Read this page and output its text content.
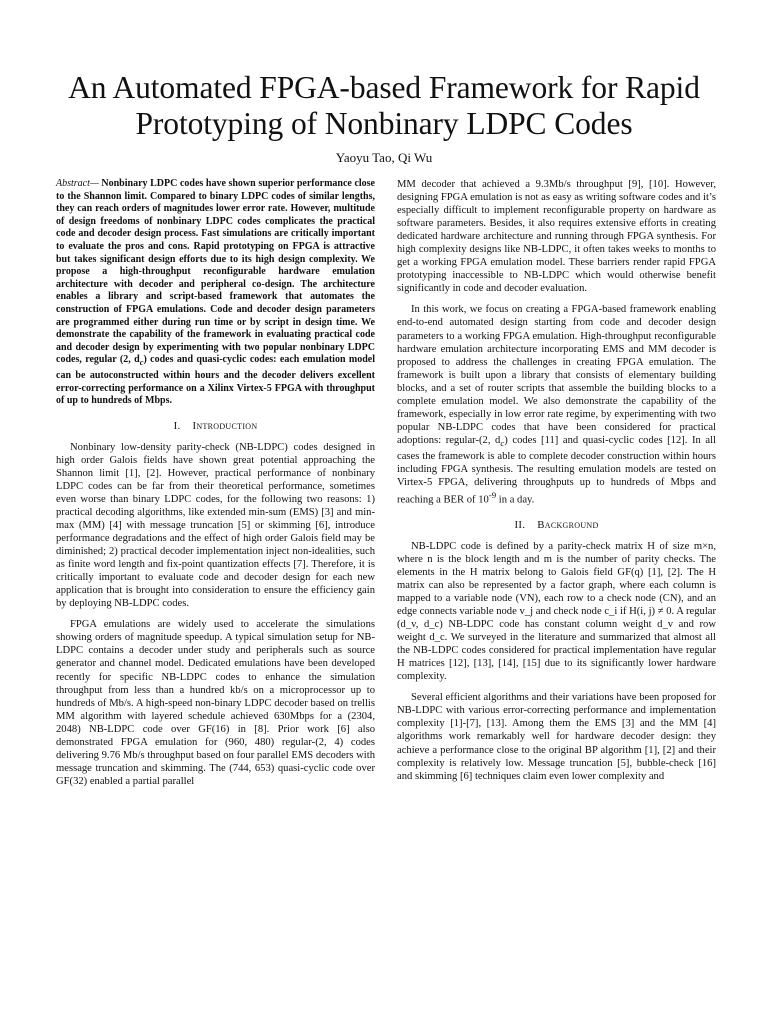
An Automated FPGA-based Framework for Rapid
Prototyping of Nonbinary LDPC Codes
Yaoyu Tao, Qi Wu

Abstract— Nonbinary LDPC codes have shown superior performance close to the Shannon limit. Compared to binary LDPC codes of similar lengths, they can reach orders of magnitudes lower error rate. However, multitude of design freedoms of nonbinary LDPC codes complicates the practical code and decoder design process. Fast simulations are critically important to evaluate the pros and cons. Rapid prototyping on FPGA is attractive but takes significant design efforts due to its high design complexity. We propose a high-throughput reconfigurable hardware emulation architecture with decoder and peripheral co-design. The architecture enables a library and script-based framework that automates the construction of FPGA emulations. Code and decoder design parameters are programmed either during run time or by script in design time. We demonstrate the capability of the framework in evaluating practical code and decoder design by experimenting with two popular nonbinary LDPC codes, regular (2, $d_c$) codes and quasi-cyclic codes: each emulation model can be autoconstructed within hours and the decoder delivers excellent error-correcting performance on a Xilinx Virtex-5 FPGA with throughput of up to hundreds of Mbps.

I. Introduction

Nonbinary low-density parity-check (NB-LDPC) codes designed in high order Galois fields have shown great potential approaching the Shannon limit [1], [2]. However, practical performance of nonbinary LDPC codes can be far from their theoretical performance, sometimes even worse than binary LDPC codes, for the following two reasons: 1) practical decoding algorithms, like extended min-sum (EMS) [3] and min-max (MM) [4] with message truncation [5] or skimming [6], introduce performance degradations and the effect of high order Galois field may be diminished; 2) practical decoder implementation inject non-idealities, such as finite word length and fix-point quantization effects [7]. Therefore, it is critically important to evaluate code and decoder design for each new application that is brought into consideration to ensure the efficiency gain by deploying NB-LDPC codes.

FPGA emulations are widely used to accelerate the simulations showing orders of magnitude speedup. A typical simulation setup for NB-LDPC contains a decoder under study and peripherals such as source generator and channel model. Dedicated emulations have been developed recently for specific NB-LDPC codes to enhance the simulation throughput from less than a hundred kb/s on a microprocessor up to hundreds of Mb/s. A high-speed non-binary LDPC decoder based on trellis MM algorithm with layered schedule achieved 630Mbps for a (2304, 2048) NB-LDPC code over GF(16) in [8]. Prior work [6] also demonstrated FPGA emulation for (960, 480) regular-(2, 4) codes delivering 9.76 Mb/s throughput based on four parallel EMS decoders with message truncation and skimming. The (744, 653) quasi-cyclic code over GF(32) enabled a partial parallel

MM decoder that achieved a 9.3Mb/s throughput [9], [10]. However, designing FPGA emulation is not as easy as writing software codes and it’s especially difficult to implement reconfigurable property on hardware as software parameters. Besides, it also requires extensive efforts in creating dedicated hardware architecture and running through FPGA synthesis. For high complexity designs like NB-LDPC, it often takes weeks to months to get a working FPGA emulation model. These barriers render rapid FPGA prototyping inaccessible to NB-LDPC which would otherwise benefit significantly in code and decoder evaluation.

In this work, we focus on creating a FPGA-based framework enabling end-to-end automated design starting from code and decoder design parameters to a working FPGA emulation. High-throughput reconfigurable hardware emulation architecture incorporating EMS and MM decoder is proposed to address the challenges in creating FPGA emulation. The framework is built upon a library that consists of elementary building blocks, and a set of router scripts that assemble the building blocks to a complete emulation model. We also demonstrate the capability of the framework, especially in low error rate regime, by experimenting with two popular NB-LDPC codes that have been considered for practical adoptions: regular-(2, $d_c$) codes [11] and quasi-cyclic codes [12]. In all cases the framework is able to complete decoder construction within hours including FPGA synthesis. The resulting emulation models are tested on Virtex-5 FPGA, delivering throughputs up to hundreds of Mbps and reaching a BER of $10^{-9}$ in a day.

II. Background

NB-LDPC code is defined by a parity-check matrix H of size m×n, where n is the block length and m is the number of parity checks. The elements in the H matrix belong to Galois field GF(q) [1], [2]. The H matrix can also be represented by a factor graph, where each column is mapped to a variable node (VN), each row to a check node (CN), and an edge connects variable node v_j and check node c_i if H(i, j) ≠ 0. A regular (d_v, d_c) NB-LDPC code has constant column weight d_v and row weight d_c. We surveyed in the literature and summarized that almost all the NB-LDPC codes considered for practical implementation have regular H matrices [12], [13], [14], [15] due to its significantly lower hardware complexity.

Several efficient algorithms and their variations have been proposed for NB-LDPC with various error-correcting performance and implementation complexity [1]-[7], [13]. Among them the EMS [3] and the MM [4] algorithms work remarkably well for hardware decoder design: they achieve a performance close to the original BP algorithm [1], [2] and their complexity is relatively low. Message truncation [5], bubble-check [16] and skimming [6] techniques claim even lower complexity and
